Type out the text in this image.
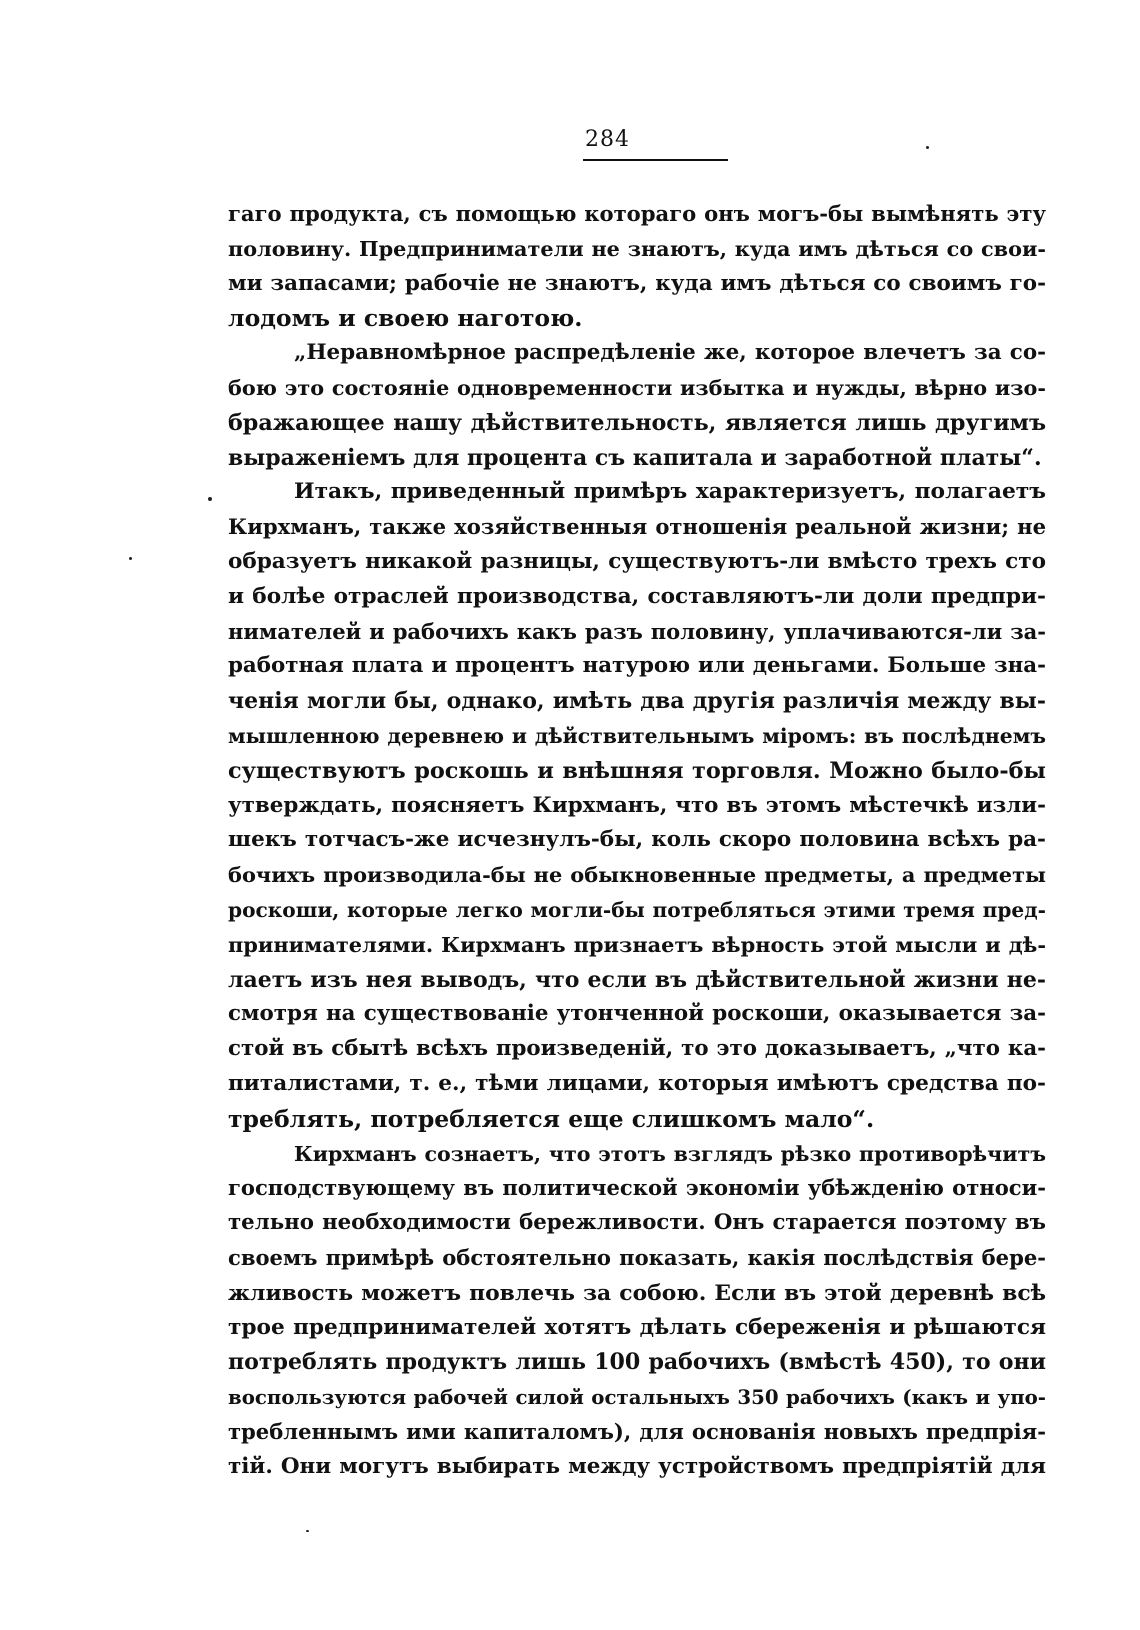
284
гаго продукта, съ помощью котораго онъ могъ-бы вымѣнять эту
половину. Предприниматели не знаютъ, куда имъ дѣться со свои-
ми запасами; рабочіе не знаютъ, куда имъ дѣться со своимъ го-
лодомъ и своею наготою.
„Неравномѣрное распредѣленіе же, которое влечетъ за со-
бою это состояніе одновременности избытка и нужды, вѣрно изо-
бражающее нашу дѣйствительность, является лишь другимъ
выраженіемъ для процента съ капитала и заработной платы“.
Итакъ, приведенный примѣръ характеризуетъ, полагаетъ
Кирхманъ, также хозяйственныя отношенія реальной жизни; не
образуетъ никакой разницы, существуютъ-ли вмѣсто трехъ сто
и болѣе отраслей производства, составляютъ-ли доли предпри-
нимателей и рабочихъ какъ разъ половину, уплачиваются-ли за-
работная плата и процентъ натурою или деньгами. Больше зна-
ченія могли бы, однако, имѣть два другія различія между вы-
мышленною деревнею и дѣйствительнымъ міромъ: въ послѣднемъ
существуютъ роскошь и внѣшняя торговля. Можно было-бы
утверждать, поясняетъ Кирхманъ, что въ этомъ мѣстечкѣ изли-
шекъ тотчасъ-же исчезнулъ-бы, коль скоро половина всѣхъ ра-
бочихъ производила-бы не обыкновенные предметы, а предметы
роскоши, которые легко могли-бы потребляться этими тремя пред-
принимателями. Кирхманъ признаетъ вѣрность этой мысли и дѣ-
лаетъ изъ нея выводъ, что если въ дѣйствительной жизни не-
смотря на существованіе утонченной роскоши, оказывается за-
стой въ сбытѣ всѣхъ произведеній, то это доказываетъ, „что ка-
питалистами, т. е., тѣми лицами, которыя имѣютъ средства по-
треблять, потребляется еще слишкомъ мало“.
Кирхманъ сознаетъ, что этотъ взглядъ рѣзко противорѣчитъ
господствующему въ политической экономіи убѣжденію относи-
тельно необходимости бережливости. Онъ старается поэтому въ
своемъ примѣрѣ обстоятельно показать, какія послѣдствія бере-
жливость можетъ повлечь за собою. Если въ этой деревнѣ всѣ
трое предпринимателей хотятъ дѣлать сбереженія и рѣшаются
потреблять продуктъ лишь 100 рабочихъ (вмѣстѣ 450), то они
воспользуются рабочей силой остальныхъ 350 рабочихъ (какъ и упо-
требленнымъ ими капиталомъ), для основанія новыхъ предпрія-
тій. Они могутъ выбирать между устройствомъ предпріятій для
